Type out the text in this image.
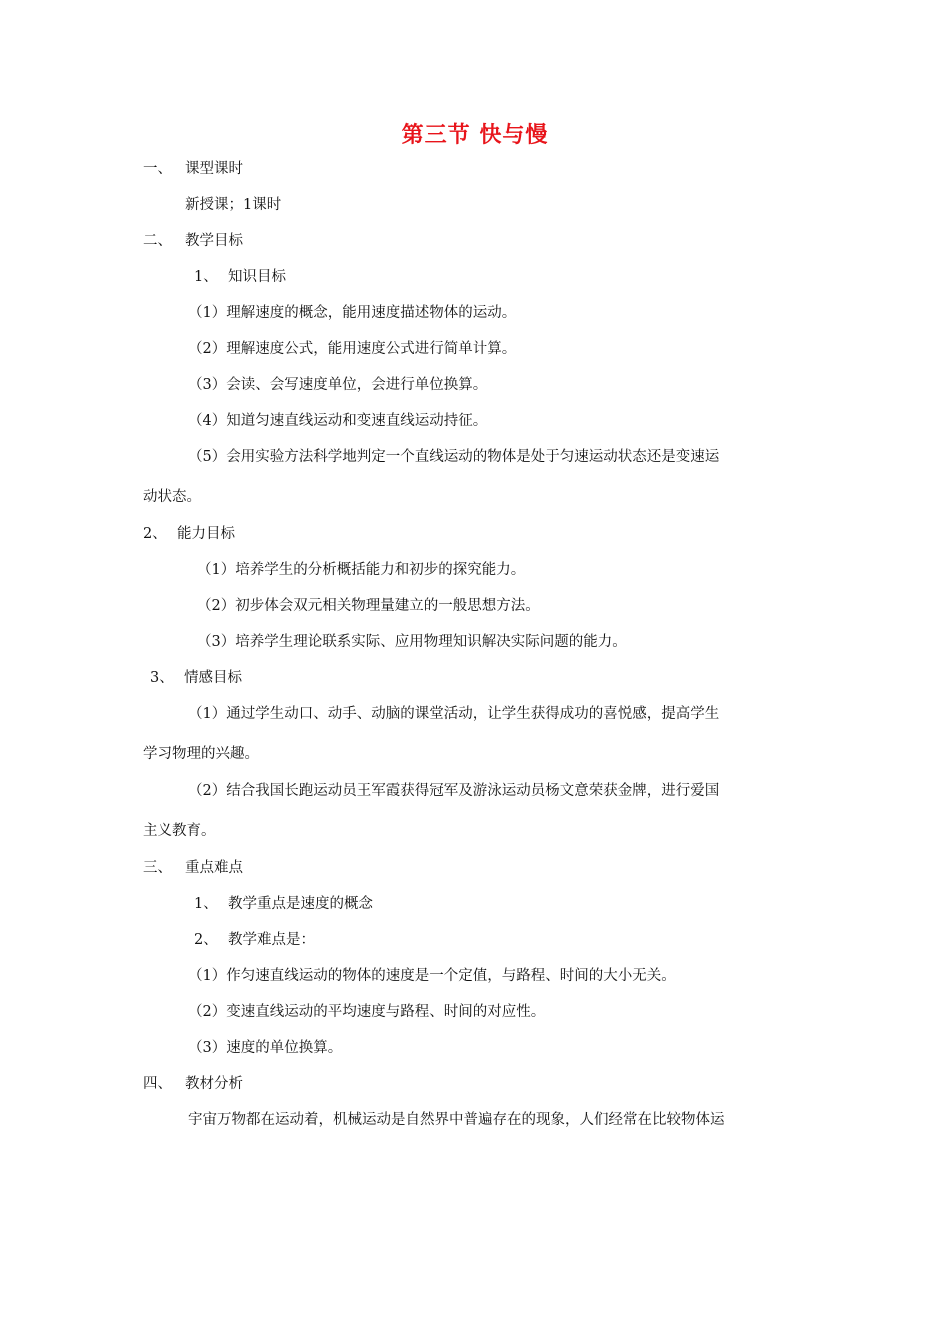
第三节 快与慢
一、 课型课时
新授课；1课时
二、 教学目标
1、 知识目标
（1）理解速度的概念，能用速度描述物体的运动。
（2）理解速度公式，能用速度公式进行简单计算。
（3）会读、会写速度单位，会进行单位换算。
（4）知道匀速直线运动和变速直线运动持征。
（5）会用实验方法科学地判定一个直线运动的物体是处于匀速运动状态还是变速运
动状态。
2、 能力目标
（1）培养学生的分析概括能力和初步的探究能力。
（2）初步体会双元相关物理量建立的一般思想方法。
（3）培养学生理论联系实际、应用物理知识解决实际问题的能力。
3、 情感目标
（1）通过学生动口、动手、动脑的课堂活动，让学生获得成功的喜悦感，提高学生
学习物理的兴趣。
（2）结合我国长跑运动员王军霞获得冠军及游泳运动员杨文意荣获金牌，进行爱国
主义教育。
三、 重点难点
1、 教学重点是速度的概念
2、 教学难点是：
（1）作匀速直线运动的物体的速度是一个定值，与路程、时间的大小无关。
（2）变速直线运动的平均速度与路程、时间的对应性。
（3）速度的单位换算。
四、 教材分析
宇宙万物都在运动着，机械运动是自然界中普遍存在的现象，人们经常在比较物体运
